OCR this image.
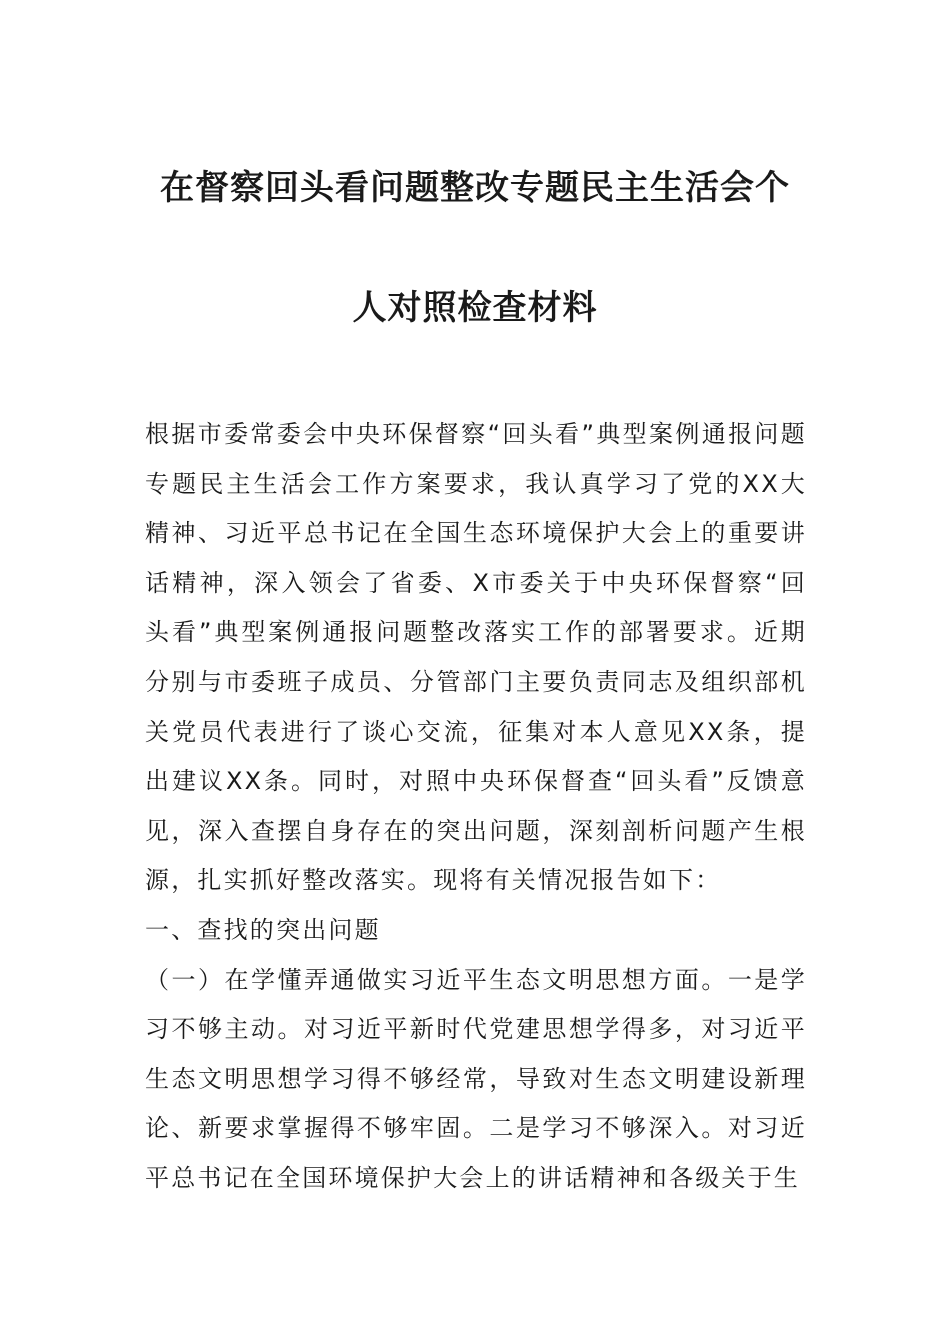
在督察回头看问题整改专题民主生活会个
人对照检查材料

根据市委常委会中央环保督察“回头看”典型案例通报问题专题民主生活会工作方案要求，我认真学习了党的XX大精神、习近平总书记在全国生态环境保护大会上的重要讲话精神，深入领会了省委、X市委关于中央环保督察“回头看”典型案例通报问题整改落实工作的部署要求。近期分别与市委班子成员、分管部门主要负责同志及组织部机关党员代表进行了谈心交流，征集对本人意见XX条，提出建议XX条。同时，对照中央环保督查“回头看”反馈意见，深入查摆自身存在的突出问题，深刻剖析问题产生根源，扎实抓好整改落实。现将有关情况报告如下：

一、查找的突出问题

（一）在学懂弄通做实习近平生态文明思想方面。一是学习不够主动。对习近平新时代党建思想学得多，对习近平生态文明思想学习得不够经常，导致对生态文明建设新理论、新要求掌握得不够牢固。二是学习不够深入。对习近平总书记在全国环境保护大会上的讲话精神和各级关于生
